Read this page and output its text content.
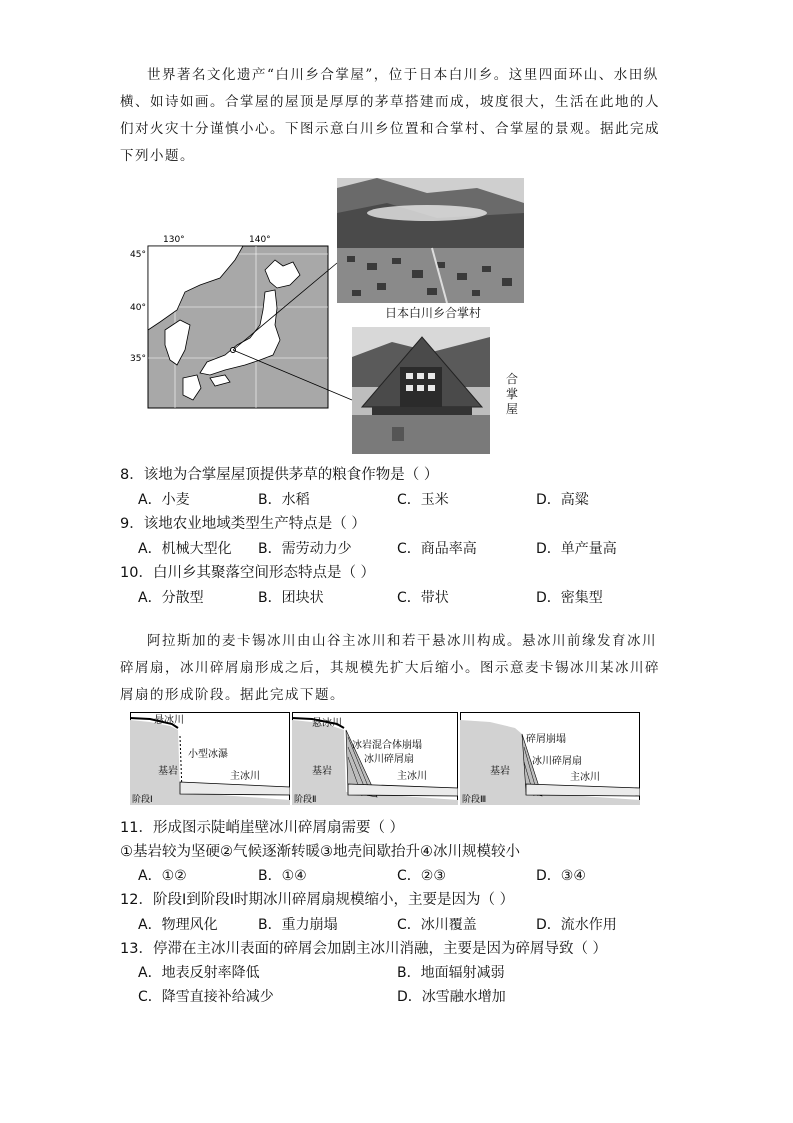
世界著名文化遗产“白川乡合掌屋”，位于日本白川乡。这里四面环山、水田纵横、如诗如画。合掌屋的屋顶是厚厚的茅草搭建而成，坡度很大，生活在此地的人们对火灾十分谨慎小心。下图示意白川乡位置和合掌村、合掌屋的景观。据此完成下列小题。
130°	140°
45°
40°
35°
日本白川乡合掌村
合掌屋
8．该地为合掌屋屋顶提供茅草的粮食作物是（ ）
A．小麦	B．水稻	C．玉米	D．高粱
9．该地农业地域类型生产特点是（ ）
A．机械大型化 B．需劳动力少	C．商品率高	D．单产量高
10．白川乡其聚落空间形态特点是（ ）
A．分散型	B．团块状	C．带状	D．密集型
阿拉斯加的麦卡锡冰川由山谷主冰川和若干悬冰川构成。悬冰川前缘发育冰川碎屑扇，冰川碎屑扇形成之后，其规模先扩大后缩小。图示意麦卡锡冰川某冰川碎屑扇的形成阶段。据此完成下题。
悬冰川
小型冰瀑
主冰川
基岩
阶段Ⅰ
悬冰川
冰岩混合体崩塌
冰川碎屑扇
主冰川
基岩
阶段Ⅱ
碎屑崩塌
冰川碎屑扇
主冰川
基岩
阶段Ⅲ
11．形成图示陡峭崖壁冰川碎屑扇需要（ ）
①基岩较为坚硬②气候逐渐转暖③地壳间歇抬升④冰川规模较小
A．①②	B．①④	C．②③	D．③④
12．阶段Ⅰ到阶段Ⅰ时期冰川碎屑扇规模缩小，主要是因为（ ）
A．物理风化	B．重力崩塌	C．冰川覆盖	D．流水作用
13．停滞在主冰川表面的碎屑会加剧主冰川消融，主要是因为碎屑导致（ ）
A．地表反射率降低	B．地面辐射减弱
C．降雪直接补给减少	D．冰雪融水增加
